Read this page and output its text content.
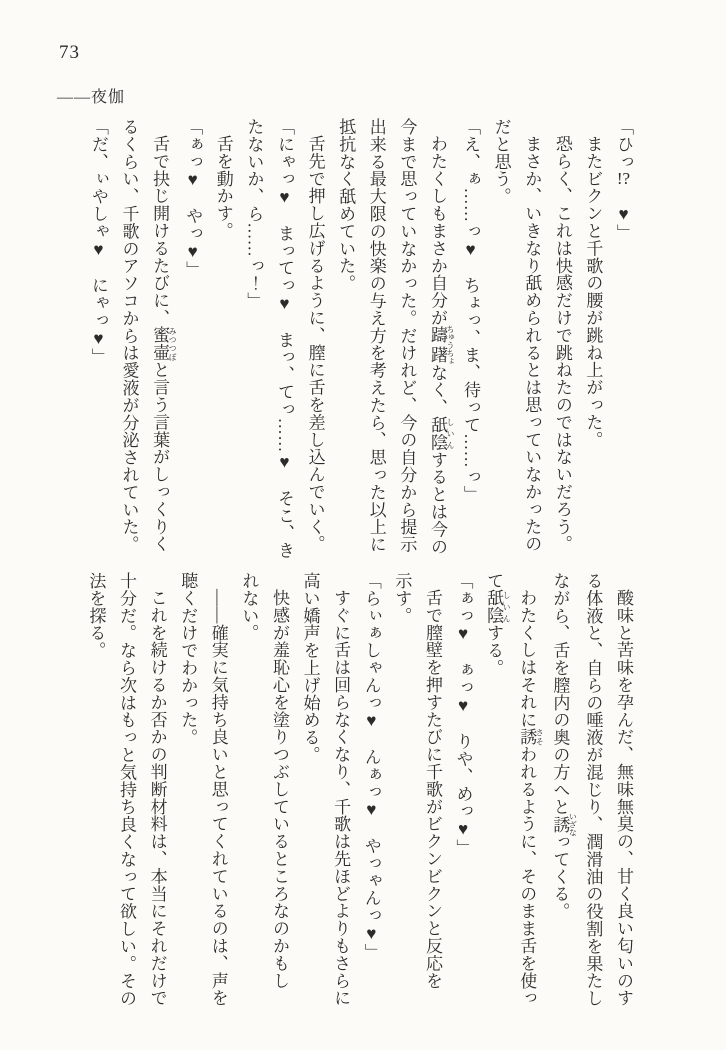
73
――夜伽

「ひっ!?　♥」

またビクンと千歌の腰が跳ね上がった。

恐らく、これは快感だけで跳ねたのではないだろう。

まさか、いきなり舐められるとは思っていなかったの

だと思う。

「え、ぁ……っ♥　ちょっ、ま、待って……っ」

わたくしもまさか自分が躊躇 ちゅうちょなく、舐陰 しいんするとは今の

今まで思っていなかった。だけれど、今の自分から提示

出来る最大限の快楽の与え方を考えたら、思った以上に

抵抗なく舐めていた。

舌先で押し広げるように、膣に舌を差し込んでいく。

「にゃっ♥　まってっ♥　まっ、てっ……♥　そこ、き

たないか、ら……っ！」

舌を動かす。

「ぁっ♥　やっ♥」

舌で抉じ開けるたびに、蜜壷 みつつぼと言う言葉がしっくりく

るくらい、千歌のアソコからは愛液が分泌されていた。

「だ、ぃやしゃ♥　にゃっ♥」

酸味と苦味を孕んだ、無味無臭の、甘く良い匂いのす

る体液と、自らの唾液が混じり、潤滑油の役割を果たし

ながら、舌を膣内の奥の方へと誘 いざなってくる。

わたくしはそれに誘 さそわれるように、そのまま舌を使っ

て舐陰 しいんする。

「ぁっ♥　ぁっ♥　りや、めっ♥」

舌で膣壁を押すたびに千歌がビクンビクンと反応を

示す。

「らぃぁしゃんっ♥　んぁっ♥　やっゃんっ♥」

すぐに舌は回らなくなり、千歌は先ほどよりもさらに

高い嬌声を上げ始める。

快感が羞恥心を塗りつぶしているところなのかもし

れない。

――確実に気持ち良いと思ってくれているのは、声を

聴くだけでわかった。

これを続けるか否かの判断材料は、本当にそれだけで

十分だ。なら次はもっと気持ち良くなって欲しい。その

法を探る。
